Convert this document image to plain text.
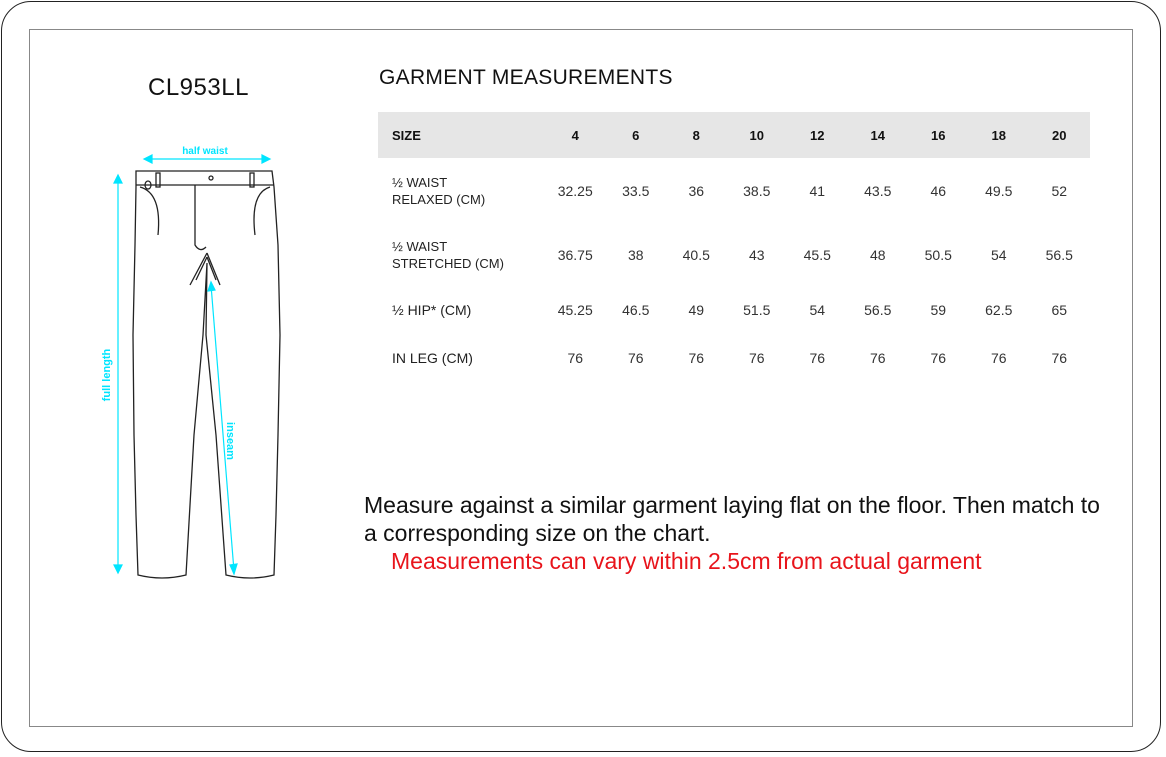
CL953LL
half waist
full length
inseam
GARMENT MEASUREMENTS
SIZE	4	6	8	10	12	14	16	18	20
½ WAIST
RELAXED (CM)
32.25	33.5	36	38.5	41	43.5	46	49.5	52
½ WAIST
STRETCHED (CM)
36.75	38	40.5	43	45.5	48	50.5	54	56.5
½ HIP* (CM)	45.25	46.5	49	51.5	54	56.5	59	62.5	65
IN LEG (CM)	76	76	76	76	76	76	76	76	76
Measure against a similar garment laying flat on the floor. Then match to a corresponding size on the chart.
Measurements can vary within 2.5cm from actual garment
